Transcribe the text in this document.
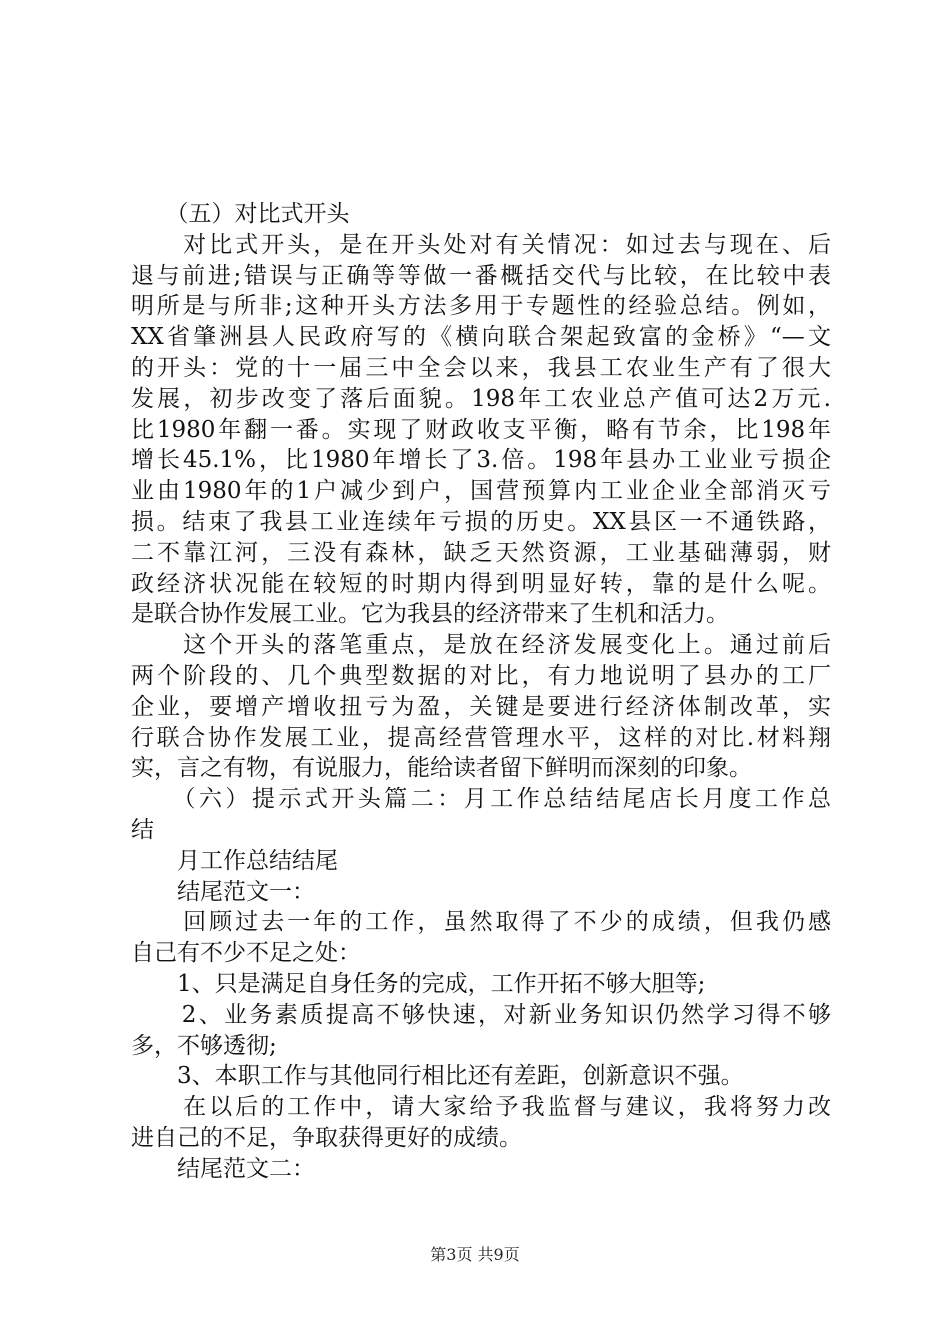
　　（五）对比式开头
　　对比式开头，是在开头处对有关情况：如过去与现在、后
退与前进;错误与正确等等做一番概括交代与比较，在比较中表
明所是与所非;这种开头方法多用于专题性的经验总结。例如，
XX省肇洲县人民政府写的《横向联合架起致富的金桥》“—文
的开头：党的十一届三中全会以来，我县工农业生产有了很大
发展，初步改变了落后面貌。198年工农业总产值可达2万元.
比1980年翻一番。实现了财政收支平衡，略有节余，比198年
增长45.1%，比1980年增长了3.倍。198年县办工业业亏损企
业由1980年的1户减少到户，国营预算内工业企业全部消灭亏
损。结束了我县工业连续年亏损的历史。XX县区一不通铁路，
二不靠江河，三没有森林，缺乏天然资源，工业基础薄弱，财
政经济状况能在较短的时期内得到明显好转，靠的是什么呢。
是联合协作发展工业。它为我县的经济带来了生机和活力。
　　这个开头的落笔重点，是放在经济发展变化上。通过前后
两个阶段的、几个典型数据的对比，有力地说明了县办的工厂
企业，要增产增收扭亏为盈，关键是要进行经济体制改革，实
行联合协作发展工业，提高经营管理水平，这样的对比.材料翔
实，言之有物，有说服力，能给读者留下鲜明而深刻的印象。
　　（六）提示式开头篇二：月工作总结结尾店长月度工作总
结
　　月工作总结结尾
　　结尾范文一：
　　回顾过去一年的工作，虽然取得了不少的成绩，但我仍感
自己有不少不足之处：
　　1、只是满足自身任务的完成，工作开拓不够大胆等;
　　2、业务素质提高不够快速，对新业务知识仍然学习得不够
多，不够透彻;
　　3、本职工作与其他同行相比还有差距，创新意识不强。
　　在以后的工作中，请大家给予我监督与建议，我将努力改
进自己的不足，争取获得更好的成绩。
　　结尾范文二：
第3页 共9页
